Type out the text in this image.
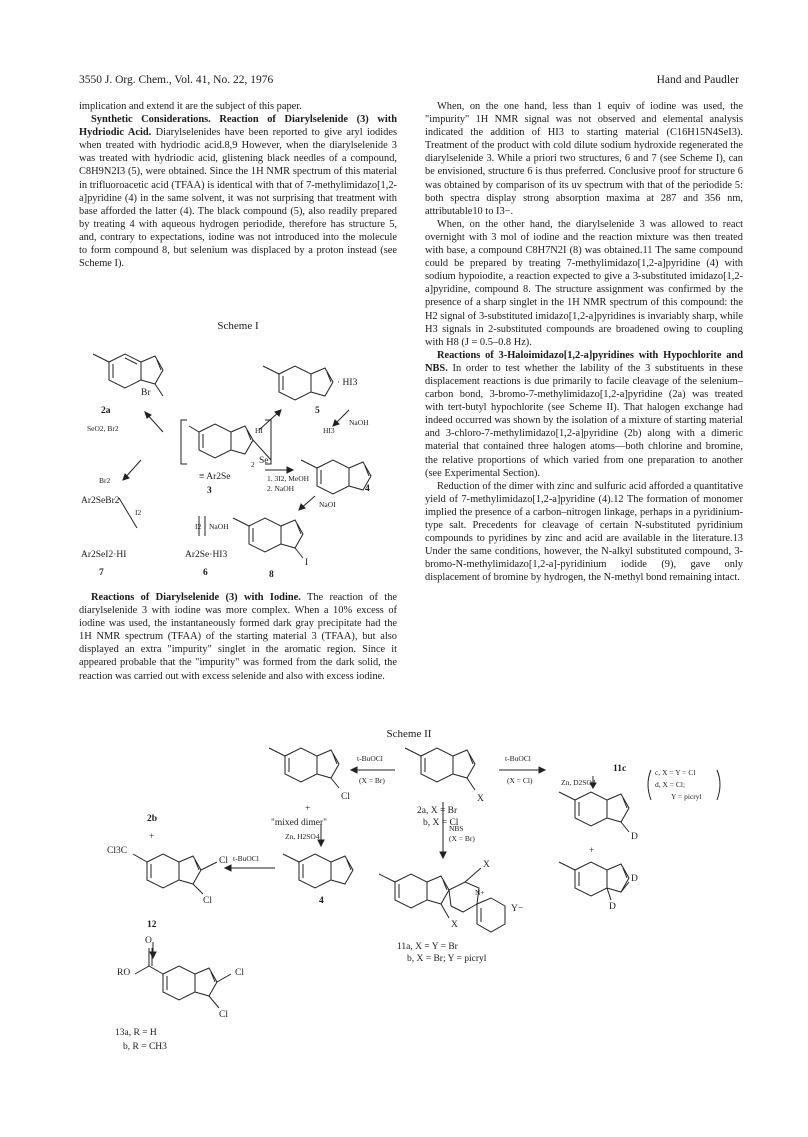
3550 J. Org. Chem., Vol. 41, No. 22, 1976	Hand and Paudler

implication and extend it are the subject of this paper.

Synthetic Considerations. Reaction of Diarylselenide (3) with Hydriodic Acid. Diarylselenides have been reported to give aryl iodides when treated with hydriodic acid.8,9 However, when the diarylselenide 3 was treated with hydriodic acid, glistening black needles of a compound, C8H9N2I3 (5), were obtained. Since the 1H NMR spectrum of this material in trifluoroacetic acid (TFAA) is identical with that of 7-methylimidazo[1,2-a]pyridine (4) in the same solvent, it was not surprising that treatment with base afforded the latter (4). The black compound (5), also readily prepared by treating 4 with aqueous hydrogen periodide, therefore has structure 5, and, contrary to expectations, iodine was not introduced into the molecule to form compound 8, but selenium was displaced by a proton instead (see Scheme I).

Scheme I
Br
2a
· HI3
5
SeO2, Br2	HI	HI3
NaOH
Se
2
≡ Ar2Se
3
1. 3I2, MeOH
2. NaOH	4
NaOI
Br2
Ar2SeBr2
I2
I2 NaOH
Ar2SeI2·HI
7
Ar2Se·HI3
6
I
8

Reactions of Diarylselenide (3) with Iodine. The reaction of the diarylselenide 3 with iodine was more complex. When a 10% excess of iodine was used, the instantaneously formed dark gray precipitate had the 1H NMR spectrum (TFAA) of the starting material 3 (TFAA), but also displayed an extra "impurity" singlet in the aromatic region. Since it appeared probable that the "impurity" was formed from the dark solid, the reaction was carried out with excess selenide and also with excess iodine.

When, on the one hand, less than 1 equiv of iodine was used, the "impurity" 1H NMR signal was not observed and elemental analysis indicated the addition of HI3 to starting material (C16H15N4SeI3). Treatment of the product with cold dilute sodium hydroxide regenerated the diarylselenide 3. While a priori two structures, 6 and 7 (see Scheme I), can be envisioned, structure 6 is thus preferred. Conclusive proof for structure 6 was obtained by comparison of its uv spectrum with that of the periodide 5: both spectra display strong absorption maxima at 287 and 356 nm, attributable10 to I3−.

When, on the other hand, the diarylselenide 3 was allowed to react overnight with 3 mol of iodine and the reaction mixture was then treated with base, a compound C8H7N2I (8) was obtained.11 The same compound could be prepared by treating 7-methylimidazo[1,2-a]pyridine (4) with sodium hypoiodite, a reaction expected to give a 3-substituted imidazo[1,2-a]pyridine, compound 8. The structure assignment was confirmed by the presence of a sharp singlet in the 1H NMR spectrum of this compound: the H2 signal of 3-substituted imidazo[1,2-a]pyridines is invariably sharp, while H3 signals in 2-substituted compounds are broadened owing to coupling with H8 (J = 0.5–0.8 Hz).

Reactions of 3-Haloimidazo[1,2-a]pyridines with Hypochlorite and NBS. In order to test whether the lability of the 3 substituents in these displacement reactions is due primarily to facile cleavage of the selenium–carbon bond, 3-bromo-7-methylimidazo[1,2-a]pyridine (2a) was treated with tert-butyl hypochlorite (see Scheme II). That halogen exchange had indeed occurred was shown by the isolation of a mixture of starting material and 3-chloro-7-methylimidazo[1,2-a]pyridine (2b) along with a dimeric material that contained three halogen atoms—both chlorine and bromine, the relative proportions of which varied from one preparation to another (see Experimental Section).

Reduction of the dimer with zinc and sulfuric acid afforded a quantitative yield of 7-methylimidazo[1,2-a]pyridine (4).12 The formation of monomer implied the presence of a carbon–nitrogen linkage, perhaps in a pyridinium-type salt. Precedents for cleavage of certain N-substituted pyridinium compounds to pyridines by zinc and acid are available in the literature.13 Under the same conditions, however, the N-alkyl substituted compound, 3-bromo-N-methylimidazo[1,2-a]-pyridinium iodide (9), gave only displacement of bromine by hydrogen, the N-methyl bond remaining intact.

Scheme II
t-BuOCl
(X = Br)
Cl
+
"mixed dimer"
Zn, H2SO4
X
2a, X = Br
b, X = Cl
NBS
(X = Br)
t-BuOCl
(X = Cl)
11c	c, X = Y = Cl
d, X = Cl;
Y = picryl
Zn, D2SO4
D
+
D
D
2b
+
Cl3C
Cl
Cl
t-BuOCl
12
4
X
X
Y−
N+
11a, X = Y = Br
b, X = Br; Y = picryl
O
RO	Cl
Cl
13a, R = H
b, R = CH3
